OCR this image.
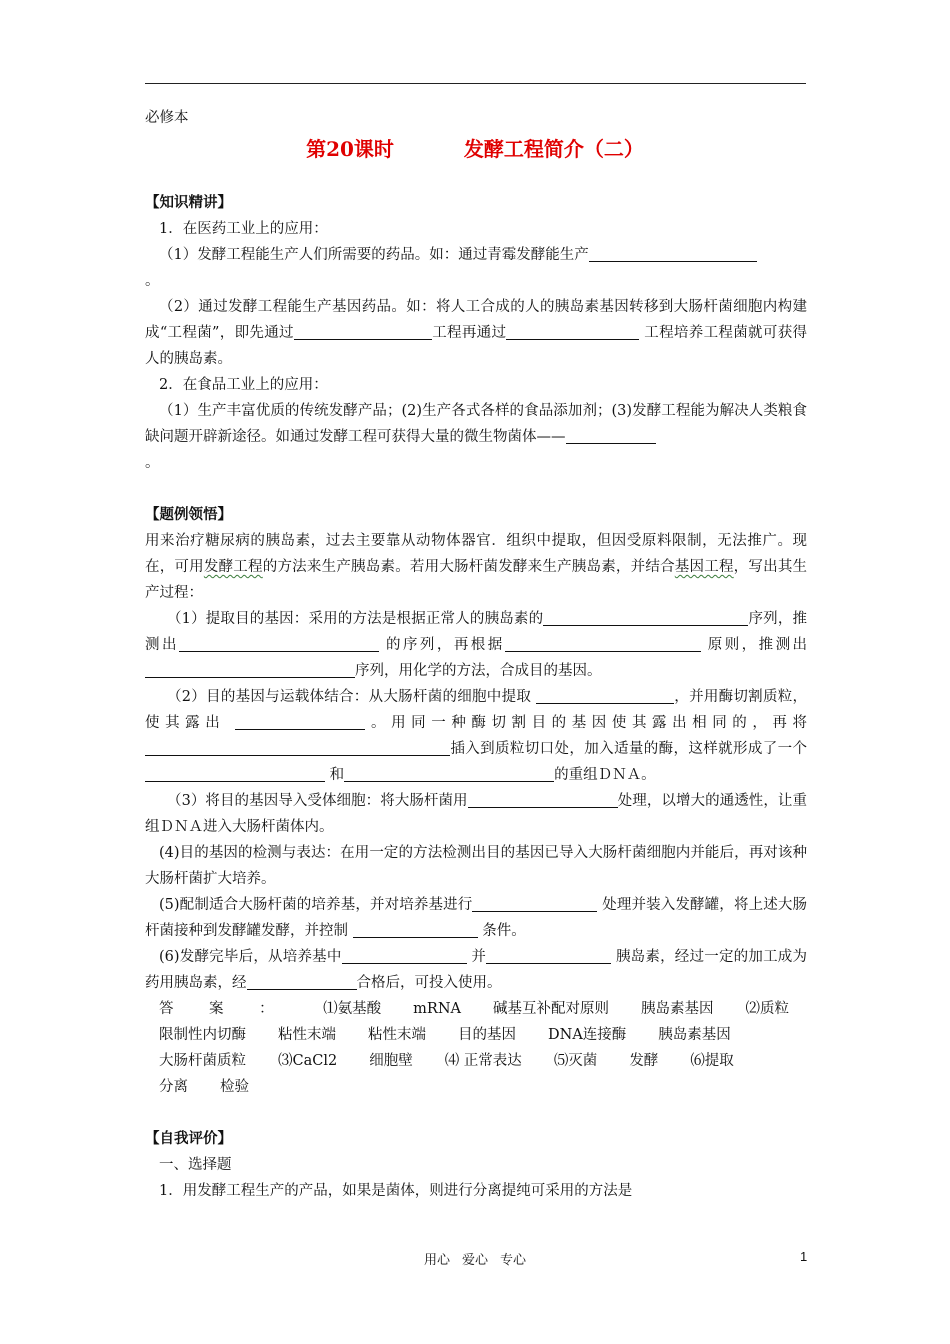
必修本
第20课时	发酵工程简介（二）

【知识精讲】

1．在医药工业上的应用：

（1）发酵工程能生产人们所需要的药品。如：通过青霉发酵能生产
。

（2）通过发酵工程能生产基因药品。如：将人工合成的人的胰岛素基因转移到大肠杆菌细胞内构建成“工程菌”，即先通过	工程再通过	工程培养工程菌就可获得人的胰岛素。

2．在食品工业上的应用：

（1）生产丰富优质的传统发酵产品；(2)生产各式各样的食品添加剂；(3)发酵工程能为解决人类粮食缺问题开辟新途径。如通过发酵工程可获得大量的微生物菌体——
。

【题例领悟】

用来治疗糖尿病的胰岛素，过去主要靠从动物体器官．组织中提取，但因受原料限制，无法推广。现在，可用发酵工程的方法来生产胰岛素。若用大肠杆菌发酵来生产胰岛素，并结合基因工程，写出其生产过程：

（1）提取目的基因：采用的方法是根据正常人的胰岛素的	序列，推测出	的序列，再根据	原则，推测出序列，用化学的方法，合成目的基因。

（2）目的基因与运载体结合：从大肠杆菌的细胞中提取	，并用酶切割质粒，使其露出	。用同一种酶切割目的基因使其露出相同的，再将插入到质粒切口处，加入适量的酶，这样就形成了一个 和	的重组ＤＮＡ。

（3）将目的基因导入受体细胞：将大肠杆菌用	处理，以增大的通透性，让重组ＤＮＡ进入大肠杆菌体内。

(4)目的基因的检测与表达：在用一定的方法检测出目的基因已导入大肠杆菌细胞内并能后，再对该种大肠杆菌扩大培养。

(5)配制适合大肠杆菌的培养基，并对培养基进行	处理并装入发酵罐，将上述大肠杆菌接种到发酵罐发酵，并控制	条件。

(6)发酵完毕后，从培养基中	并	胰岛素，经过一定的加工成为药用胰岛素，经	合格后，可投入使用。

答案： ⑴氨基酸 mRNA 碱基互补配对原则 胰岛素基因 ⑵质粒限制性内切酶 粘性末端 粘性末端 目的基因 DNA连接酶 胰岛素基因大肠杆菌质粒 ⑶CaCl2 细胞壁 ⑷ 正常表达 ⑸灭菌 发酵 ⑹提取分离 检验

【自我评价】

一、选择题

1．用发酵工程生产的产品，如果是菌体，则进行分离提纯可采用的方法是

用心 爱心 专心	1
